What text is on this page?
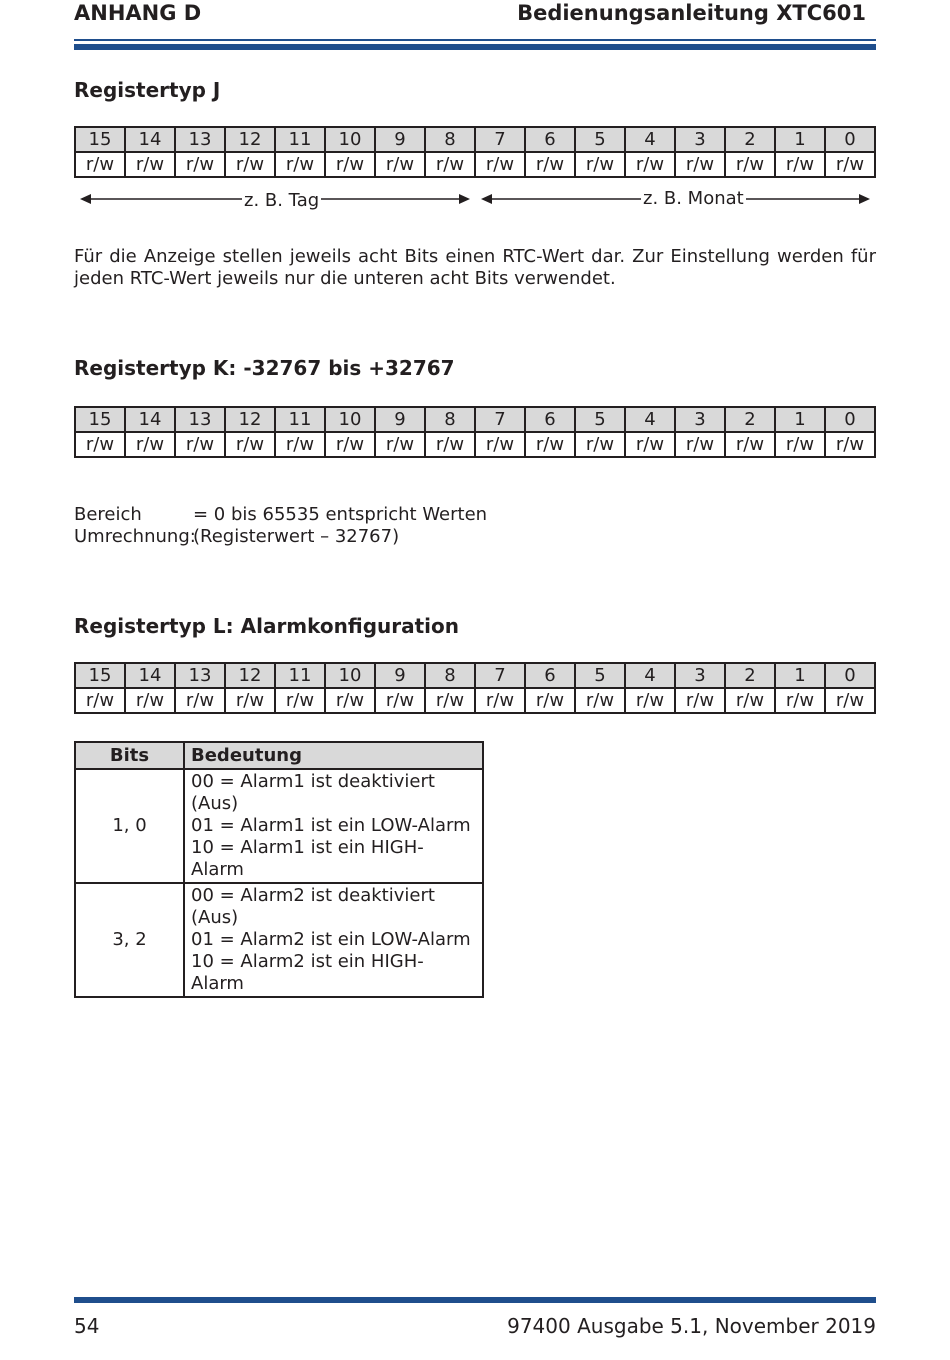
ANHANG D	Bedienungsanleitung XTC601
Registertyp J
15	14	13	12	11	10	9	8	7	6	5	4	3	2	1	0
r/w	r/w	r/w	r/w	r/w	r/w	r/w	r/w	r/w	r/w	r/w	r/w	r/w	r/w	r/w	r/w
z. B. Tag	z. B. Monat

Für die Anzeige stellen jeweils acht Bits einen RTC-Wert dar. Zur Einstellung werden für jeden RTC-Wert jeweils nur die unteren acht Bits verwendet.

Registertyp K: -32767 bis +32767
15	14	13	12	11	10	9	8	7	6	5	4	3	2	1	0
r/w	r/w	r/w	r/w	r/w	r/w	r/w	r/w	r/w	r/w	r/w	r/w	r/w	r/w	r/w	r/w
Bereich	= 0 bis 65535 entspricht Werten
Umrechnung:(Registerwert – 32767)
Registertyp L: Alarmkonfiguration
15	14	13	12	11	10	9	8	7	6	5	4	3	2	1	0
r/w	r/w	r/w	r/w	r/w	r/w	r/w	r/w	r/w	r/w	r/w	r/w	r/w	r/w	r/w	r/w
Bits	Bedeutung
1, 0	00 = Alarm1 ist deaktiviert (Aus)
01 = Alarm1 ist ein LOW-Alarm
10 = Alarm1 ist ein HIGH-Alarm

3, 2	00 = Alarm2 ist deaktiviert (Aus)
01 = Alarm2 ist ein LOW-Alarm
10 = Alarm2 ist ein HIGH-Alarm
54	97400 Ausgabe 5.1, November 2019
